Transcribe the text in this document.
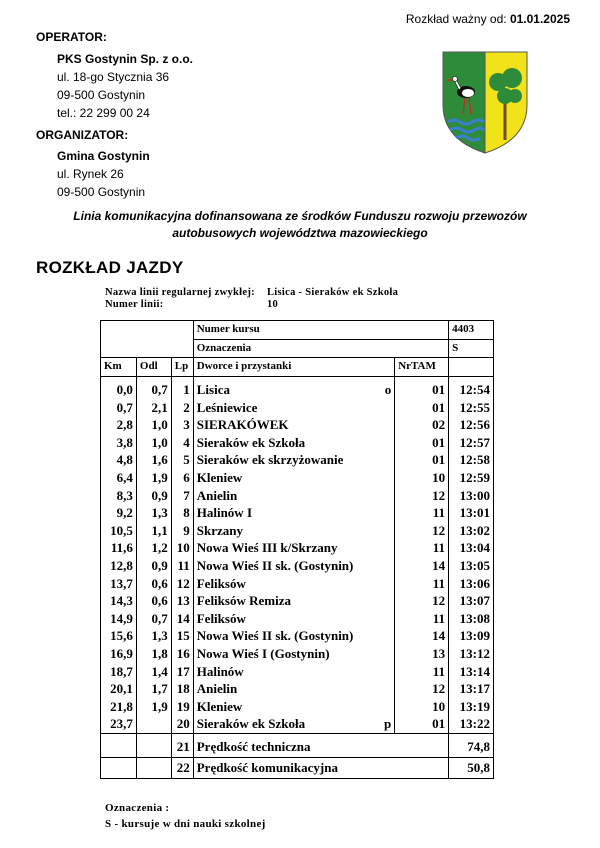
Rozkład ważny od: 01.01.2025
OPERATOR:
PKS Gostynin Sp. z o.o.
ul. 18-go Stycznia 36
09-500 Gostynin
tel.: 22 299 00 24
ORGANIZATOR:
Gmina Gostynin
ul. Rynek 26
09-500 Gostynin
Linia komunikacyjna dofinansowana ze środków Funduszu rozwoju przewozów autobusowych województwa mazowieckiego
ROZKŁAD JAZDY
Nazwa linii regularnej zwykłej:	Lisica - Sieraków ek Szkoła
Numer linii:	10
			Numer kursu		4403
			Oznaczenia		S
Km	Odl	Lp	Dworce i przystanki	NrTAM	
0,0	0,7	1	Lisica o	01	12:54
0,7	2,1	2	Leśniewice	01	12:55
2,8	1,0	3	SIERAKÓWEK	02	12:56
3,8	1,0	4	Sieraków ek Szkoła	01	12:57
4,8	1,6	5	Sieraków ek skrzyżowanie	01	12:58
6,4	1,9	6	Kleniew	10	12:59
8,3	0,9	7	Anielin	12	13:00
9,2	1,3	8	Halinów I	11	13:01
10,5	1,1	9	Skrzany	12	13:02
11,6	1,2	10	Nowa Wieś III k/Skrzany	11	13:04
12,8	0,9	11	Nowa Wieś II sk. (Gostynin)	14	13:05
13,7	0,6	12	Feliksów	11	13:06
14,3	0,6	13	Feliksów Remiza	12	13:07
14,9	0,7	14	Feliksów	11	13:08
15,6	1,3	15	Nowa Wieś II sk. (Gostynin)	14	13:09
16,9	1,8	16	Nowa Wieś I (Gostynin)	13	13:12
18,7	1,4	17	Halinów	11	13:14
20,1	1,7	18	Anielin	12	13:17
21,8	1,9	19	Kleniew	10	13:19
23,7		20	Sieraków ek Szkoła p	01	13:22
		21	Prędkość techniczna		74,8
		22	Prędkość komunikacyjna		50,8
Oznaczenia :
S - kursuje w dni nauki szkolnej
